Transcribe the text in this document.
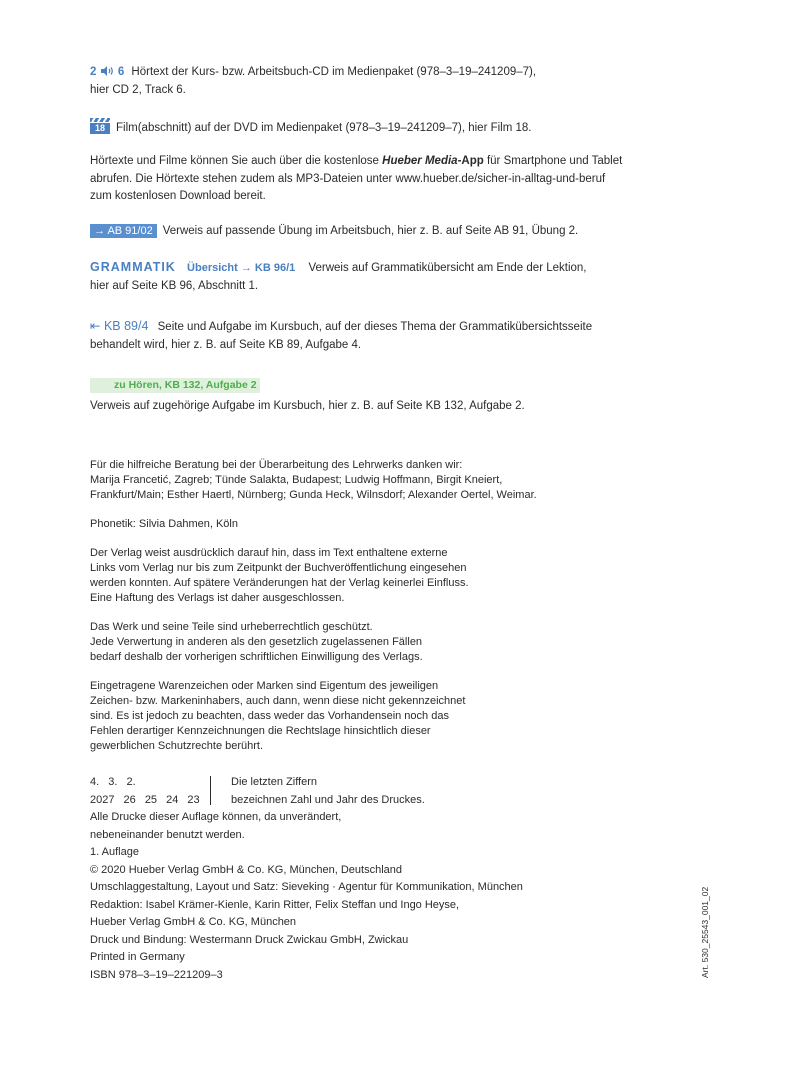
2 6 Hörtext der Kurs- bzw. Arbeitsbuch-CD im Medienpaket (978–3–19–241209–7),
hier CD 2, Track 6.
18 Film(abschnitt) auf der DVD im Medienpaket (978–3–19–241209–7), hier Film 18.
Hörtexte und Filme können Sie auch über die kostenlose Hueber Media-App für Smartphone und Tablet
abrufen. Die Hörtexte stehen zudem als MP3-Dateien unter www.hueber.de/sicher-in-alltag-und-beruf
zum kostenlosen Download bereit.
→ AB 91/02 Verweis auf passende Übung im Arbeitsbuch, hier z. B. auf Seite AB 91, Übung 2.
GRAMMATIK Übersicht → KB 96/1 Verweis auf Grammatikübersicht am Ende der Lektion,
hier auf Seite KB 96, Abschnitt 1.
⇤ KB 89/4 Seite und Aufgabe im Kursbuch, auf der dieses Thema der Grammatikübersichtsseite
behandelt wird, hier z. B. auf Seite KB 89, Aufgabe 4.
zu Hören, KB 132, Aufgabe 2
Verweis auf zugehörige Aufgabe im Kursbuch, hier z. B. auf Seite KB 132, Aufgabe 2.

Für die hilfreiche Beratung bei der Überarbeitung des Lehrwerks danken wir:
Marija Francetić, Zagreb; Tünde Salakta, Budapest; Ludwig Hoffmann, Birgit Kneiert,
Frankfurt/Main; Esther Haertl, Nürnberg; Gunda Heck, Wilnsdorf; Alexander Oertel, Weimar.

Phonetik: Silvia Dahmen, Köln

Der Verlag weist ausdrücklich darauf hin, dass im Text enthaltene externe
Links vom Verlag nur bis zum Zeitpunkt der Buchveröffentlichung eingesehen
werden konnten. Auf spätere Veränderungen hat der Verlag keinerlei Einfluss.
Eine Haftung des Verlags ist daher ausgeschlossen.

Das Werk und seine Teile sind urheberrechtlich geschützt.
Jede Verwertung in anderen als den gesetzlich zugelassenen Fällen
bedarf deshalb der vorherigen schriftlichen Einwilligung des Verlags.

Eingetragene Warenzeichen oder Marken sind Eigentum des jeweiligen
Zeichen- bzw. Markeninhabers, auch dann, wenn diese nicht gekennzeichnet
sind. Es ist jedoch zu beachten, dass weder das Vorhandensein noch das
Fehlen derartiger Kennzeichnungen die Rechtslage hinsichtlich dieser
gewerblichen Schutzrechte berührt.

4. 3. 2.
2027 26 25 24 23
Die letzten Ziffern
bezeichnen Zahl und Jahr des Druckes.
Alle Drucke dieser Auflage können, da unverändert,
nebeneinander benutzt werden.
1. Auflage
© 2020 Hueber Verlag GmbH & Co. KG, München, Deutschland
Umschlaggestaltung, Layout und Satz: Sieveking · Agentur für Kommunikation, München
Redaktion: Isabel Krämer-Kienle, Karin Ritter, Felix Steffan und Ingo Heyse,
Hueber Verlag GmbH & Co. KG, München
Druck und Bindung: Westermann Druck Zwickau GmbH, Zwickau
Printed in Germany
ISBN 978–3–19–221209–3	Art. 530_25543_001_02
